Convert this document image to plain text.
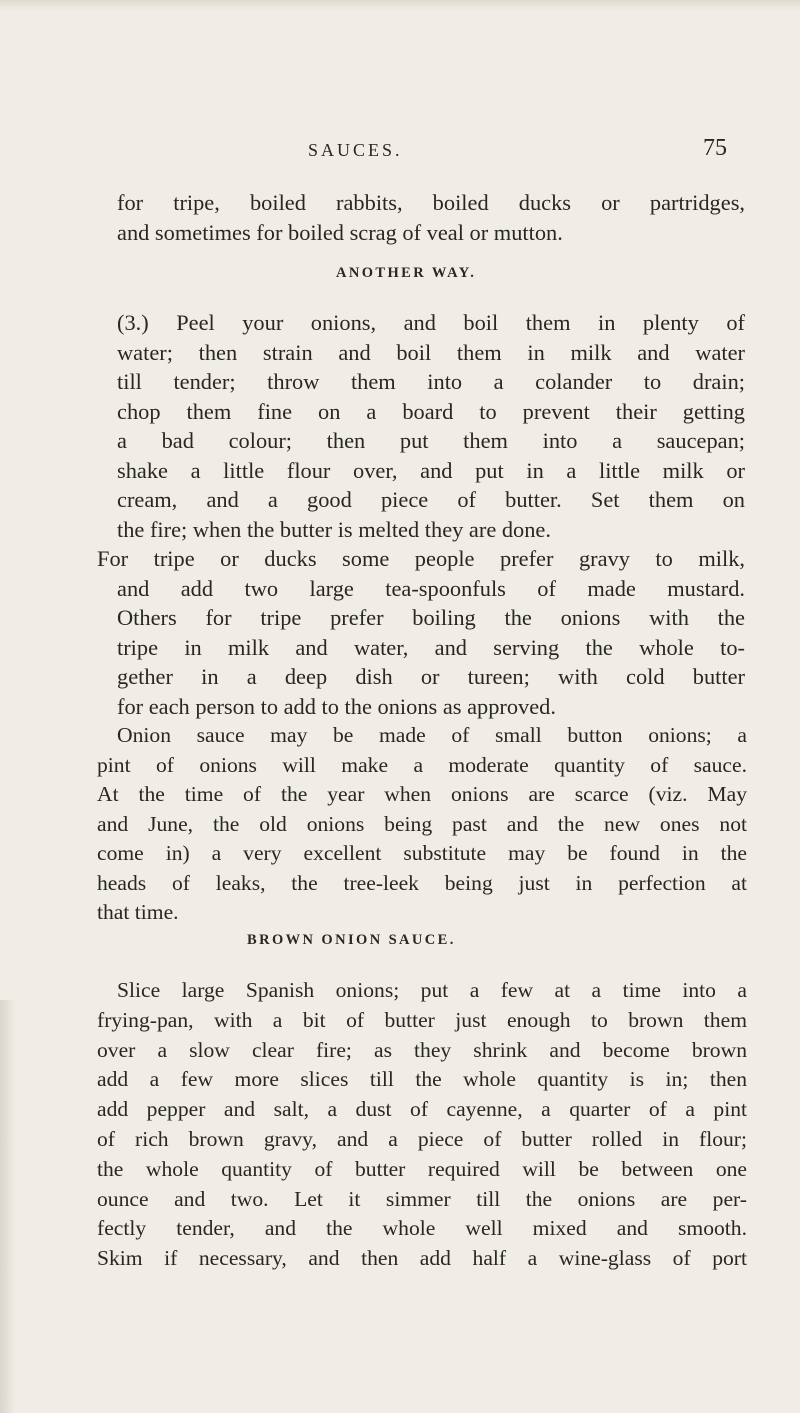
SAUCES.	75

for tripe, boiled rabbits, boiled ducks or partridges,
and sometimes for boiled scrag of veal or mutton.

ANOTHER WAY.

(3.) Peel your onions, and boil them in plenty of
water; then strain and boil them in milk and water
till tender; throw them into a colander to drain;
chop them fine on a board to prevent their getting
a bad colour; then put them into a saucepan;
shake a little flour over, and put in a little milk or
cream, and a good piece of butter. Set them on
the fire; when the butter is melted they are done.
For tripe or ducks some people prefer gravy to milk,
and add two large tea-spoonfuls of made mustard.
Others for tripe prefer boiling the onions with the
tripe in milk and water, and serving the whole to-
gether in a deep dish or tureen; with cold butter
for each person to add to the onions as approved.

Onion sauce may be made of small button onions; a
pint of onions will make a moderate quantity of sauce.
At the time of the year when onions are scarce (viz. May
and June, the old onions being past and the new ones not
come in) a very excellent substitute may be found in the
heads of leaks, the tree-leek being just in perfection at
that time.

BROWN ONION SAUCE.

Slice large Spanish onions; put a few at a time into a
frying-pan, with a bit of butter just enough to brown them
over a slow clear fire; as they shrink and become brown
add a few more slices till the whole quantity is in; then
add pepper and salt, a dust of cayenne, a quarter of a pint
of rich brown gravy, and a piece of butter rolled in flour;
the whole quantity of butter required will be between one
ounce and two. Let it simmer till the onions are per-
fectly tender, and the whole well mixed and smooth.
Skim if necessary, and then add half a wine-glass of port
